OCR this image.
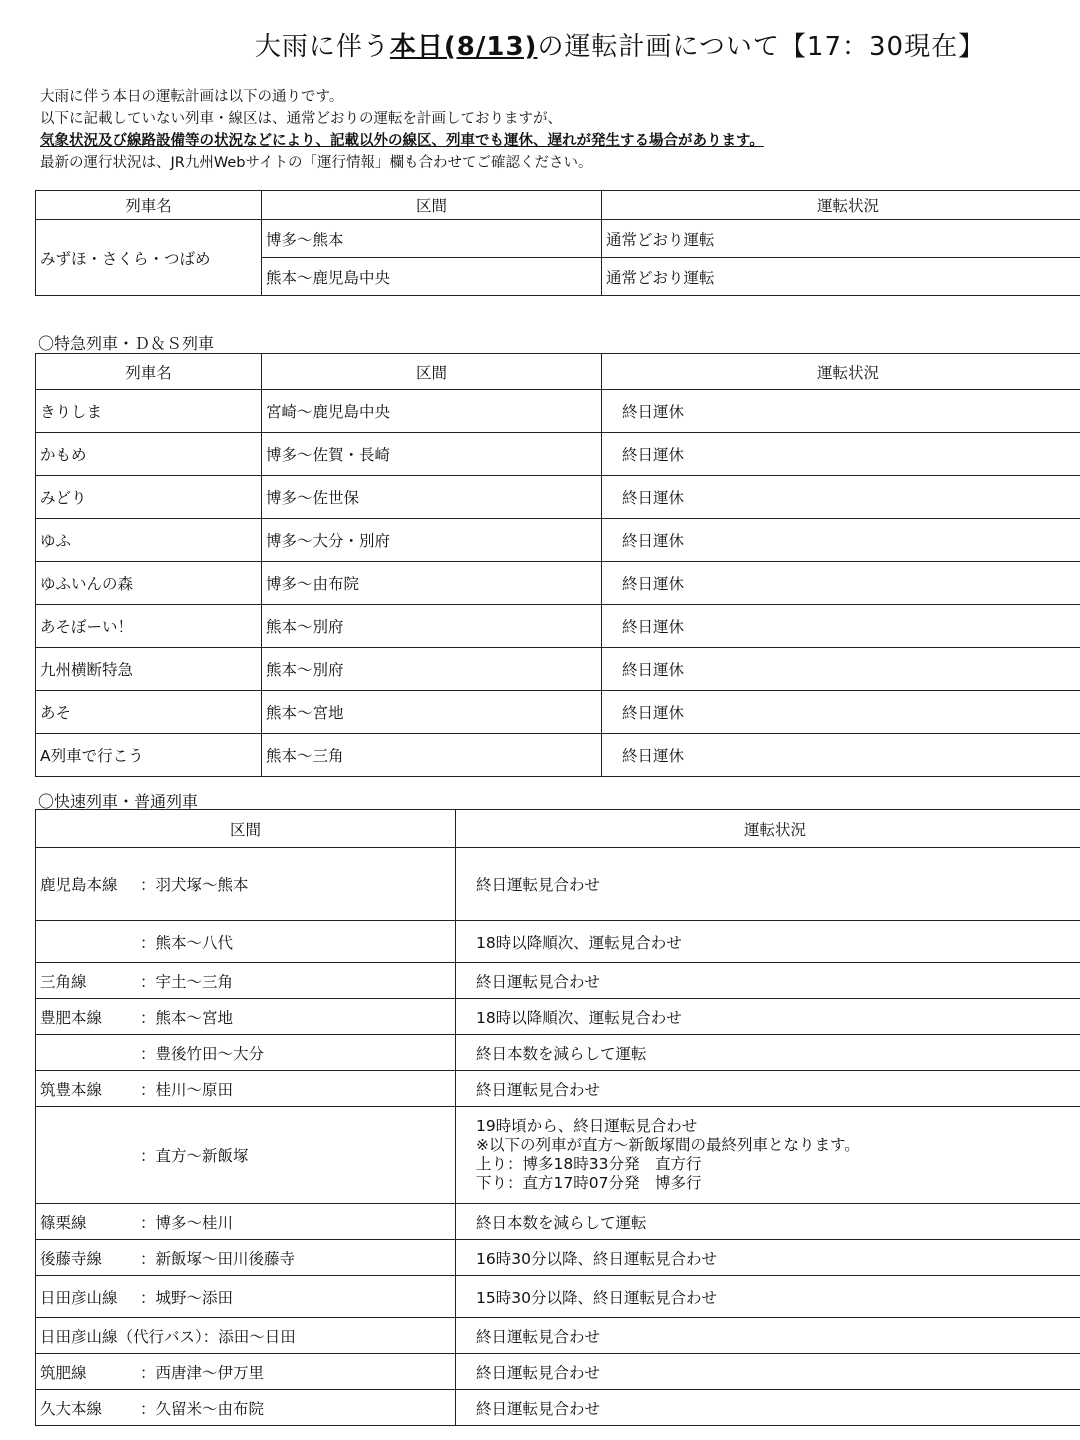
大雨に伴う本日(8/13)の運転計画について【17：30現在】
大雨に伴う本日の運転計画は以下の通りです。
以下に記載していない列車・線区は、通常どおりの運転を計画しておりますが、
気象状況及び線路設備等の状況などにより、記載以外の線区、列車でも運休、遅れが発生する場合があります。
最新の運行状況は、JR九州Webサイトの「運行情報」欄も合わせてご確認ください。
列車名	区間	運転状況
みずほ・さくら・つばめ	博多～熊本	通常どおり運転
	熊本～鹿児島中央	通常どおり運転
〇特急列車・Ｄ＆Ｓ列車
列車名	区間	運転状況
きりしま	宮崎～鹿児島中央	終日運休
かもめ	博多～佐賀・長崎	終日運休
みどり	博多～佐世保	終日運休
ゆふ	博多～大分・別府	終日運休
ゆふいんの森	博多～由布院	終日運休
あそぼーい！	熊本～別府	終日運休
九州横断特急	熊本～別府	終日運休
あそ	熊本～宮地	終日運休
A列車で行こう	熊本～三角	終日運休
〇快速列車・普通列車
区間	運転状況
鹿児島本線 ：羽犬塚～熊本	終日運転見合わせ
：熊本～八代	18時以降順次、運転見合わせ
三角線 ：宇土～三角	終日運転見合わせ
豊肥本線 ：熊本～宮地	18時以降順次、運転見合わせ
：豊後竹田～大分	終日本数を減らして運転
筑豊本線 ：桂川～原田	終日運転見合わせ
：直方～新飯塚	19時頃から、終日運転見合わせ
※以下の列車が直方～新飯塚間の最終列車となります。
上り：博多18時33分発　直方行
下り：直方17時07分発　博多行

篠栗線 ：博多～桂川	終日本数を減らして運転
後藤寺線 ：新飯塚～田川後藤寺	16時30分以降、終日運転見合わせ
日田彦山線 ：城野～添田	15時30分以降、終日運転見合わせ
日田彦山線（代行バス）：添田～日田	終日運転見合わせ
筑肥線 ：西唐津～伊万里	終日運転見合わせ
久大本線 ：久留米～由布院	終日運転見合わせ
